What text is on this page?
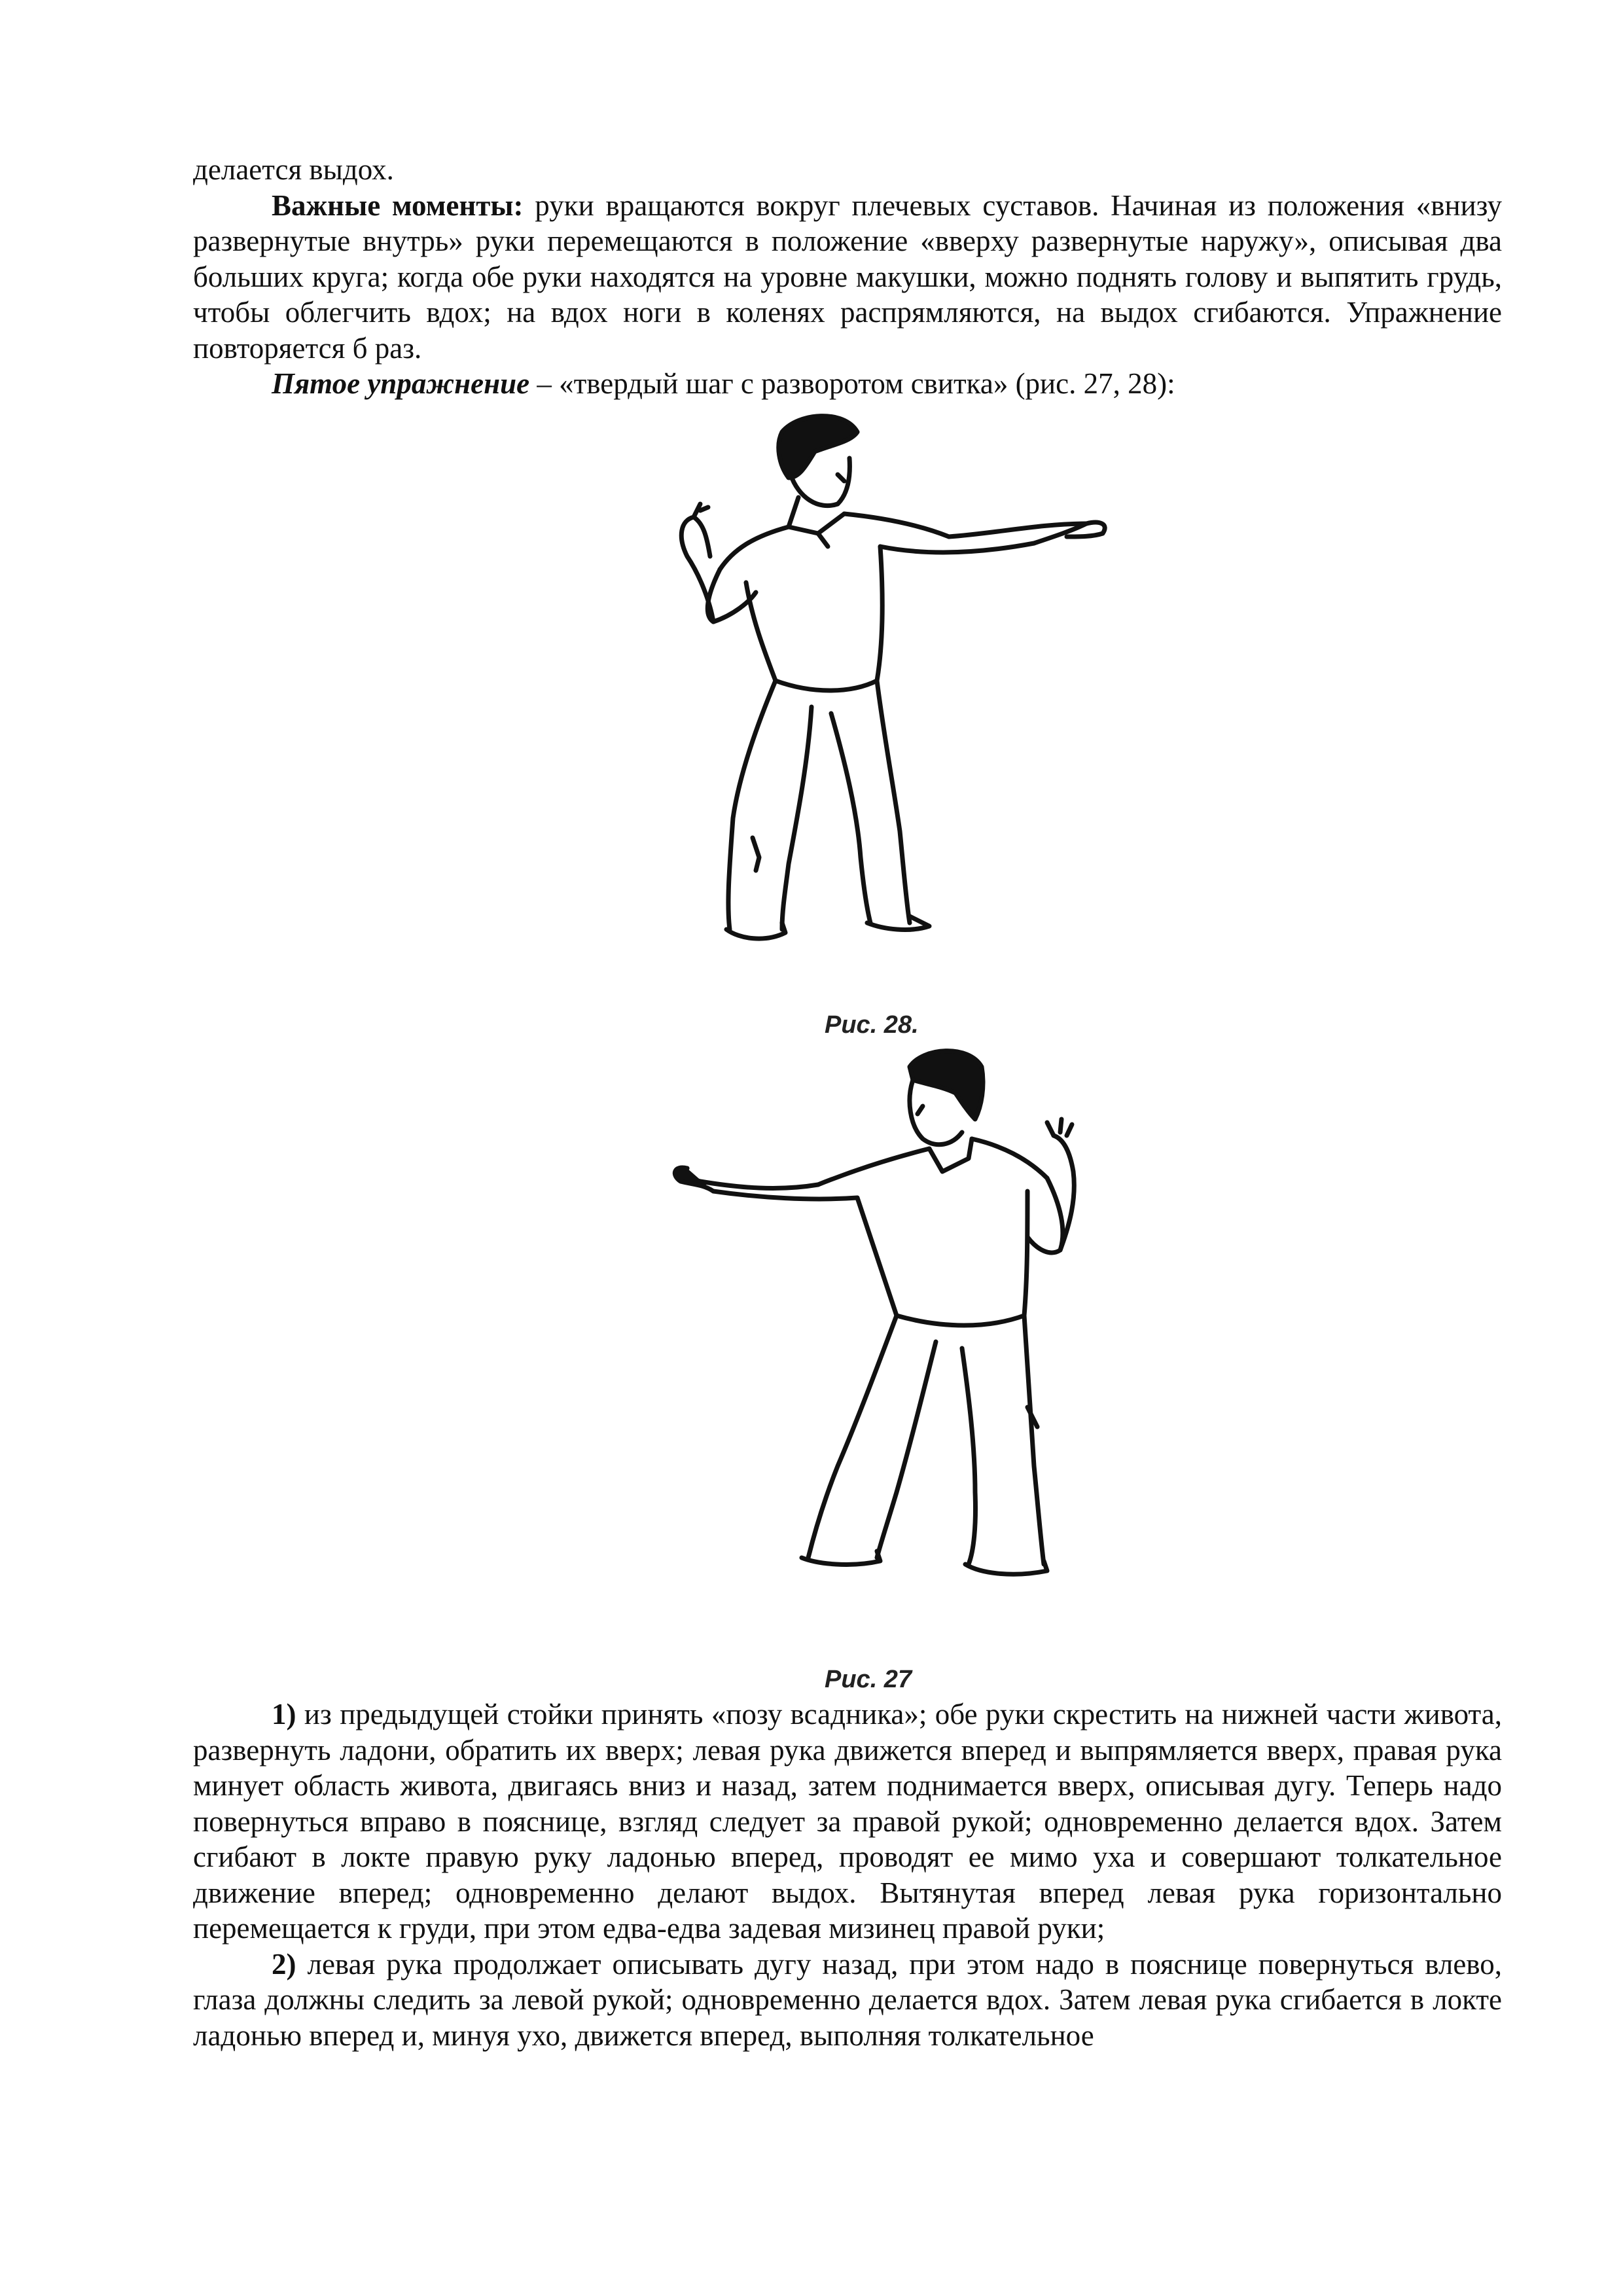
делается выдох.

Важные моменты: руки вращаются вокруг плечевых суставов. Начиная из положения «внизу развернутые внутрь» руки перемещаются в положение «вверху развернутые наружу», описывая два больших круга; когда обе руки находятся на уровне макушки, можно поднять голову и выпятить грудь, чтобы облегчить вдох; на вдох ноги в коленях распрямляются, на выдох сгибаются. Упражнение повторяется б раз.

Пятое упражнение – «твердый шаг с разворотом свитка» (рис. 27, 28):

Рис. 28.
Рис. 27

1) из предыдущей стойки принять «позу всадника»; обе руки скрестить на нижней части живота, развернуть ладони, обратить их вверх; левая рука движется вперед и выпрямляется вверх, правая рука минует область живота, двигаясь вниз и назад, затем поднимается вверх, описывая дугу. Теперь надо повернуться вправо в пояснице, взгляд следует за правой рукой; одновременно делается вдох. Затем сгибают в локте правую руку ладонью вперед, проводят ее мимо уха и совершают толкательное движение вперед; одновременно делают выдох. Вытянутая вперед левая рука горизонтально перемещается к груди, при этом едва-едва задевая мизинец правой руки;

2) левая рука продолжает описывать дугу назад, при этом надо в пояснице повернуться влево, глаза должны следить за левой рукой; одновременно делается вдох. Затем левая рука сгибается в локте ладонью вперед и, минуя ухо, движется вперед, выполняя толкательное
